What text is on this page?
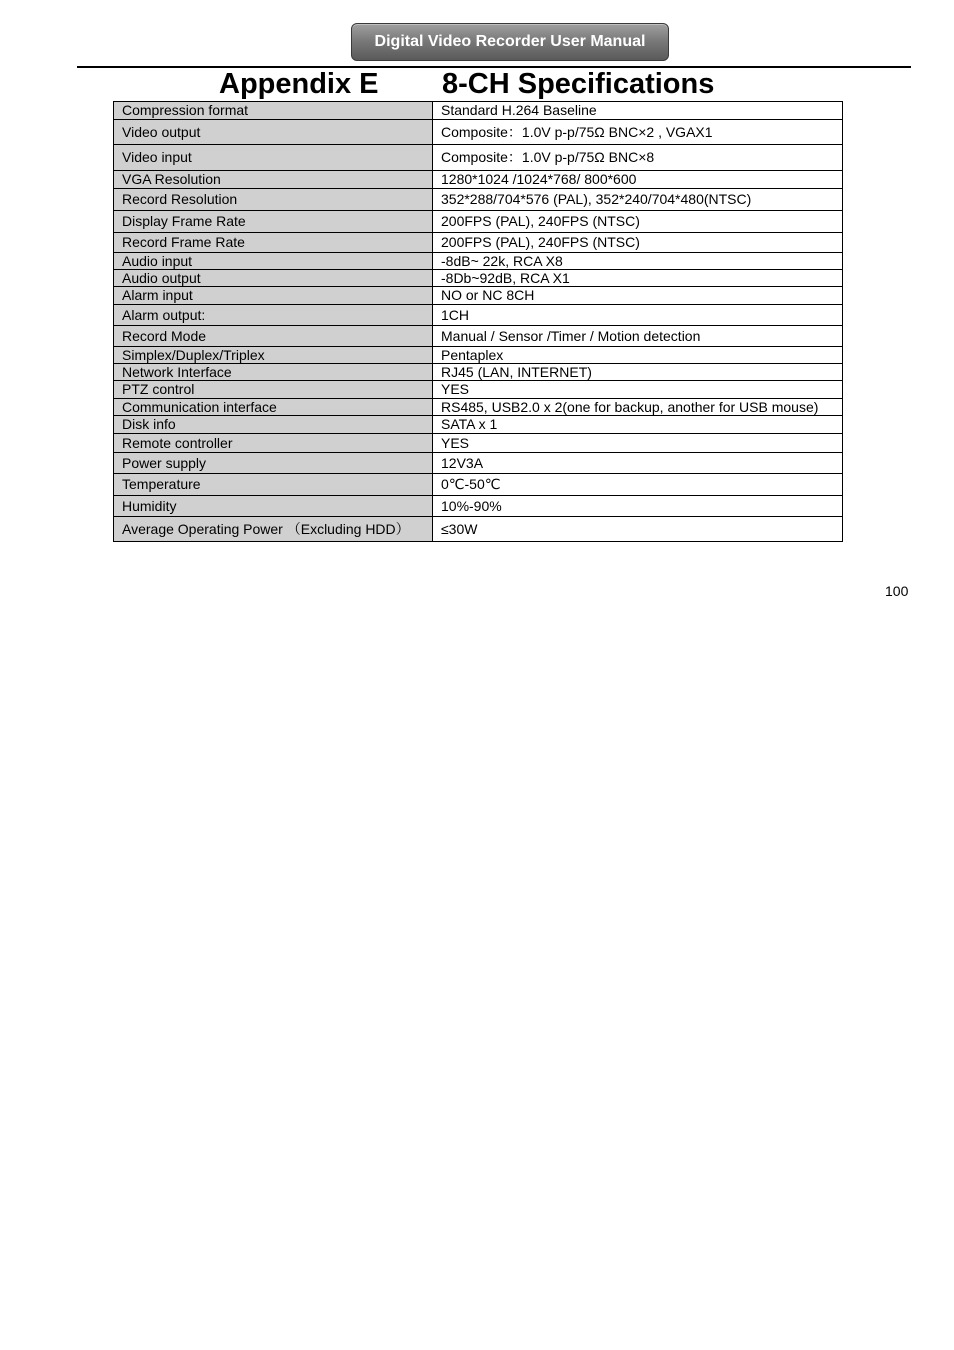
Digital Video Recorder User Manual
Appendix E 8-CH Specifications
Compression format	Standard H.264 Baseline
Video output	Composite：1.0V p-p/75Ω BNC×2 , VGAX1
Video input	Composite：1.0V p-p/75Ω BNC×8
VGA Resolution	1280*1024 /1024*768/ 800*600
Record Resolution	352*288/704*576 (PAL), 352*240/704*480(NTSC)
Display Frame Rate	200FPS (PAL), 240FPS (NTSC)
Record Frame Rate	200FPS (PAL), 240FPS (NTSC)
Audio input	-8dB~ 22k, RCA X8
Audio output	-8Db~92dB, RCA X1
Alarm input	NO or NC 8CH
Alarm output:	1CH
Record Mode	Manual / Sensor /Timer / Motion detection
Simplex/Duplex/Triplex	Pentaplex
Network Interface	RJ45 (LAN, INTERNET)
PTZ control	YES
Communication interface	RS485, USB2.0 x 2(one for backup, another for USB mouse)
Disk info	SATA x 1
Remote controller	YES
Power supply	12V3A
Temperature	0℃-50℃
Humidity	10%-90%
Average Operating Power （Excluding HDD）	≤30W
100
